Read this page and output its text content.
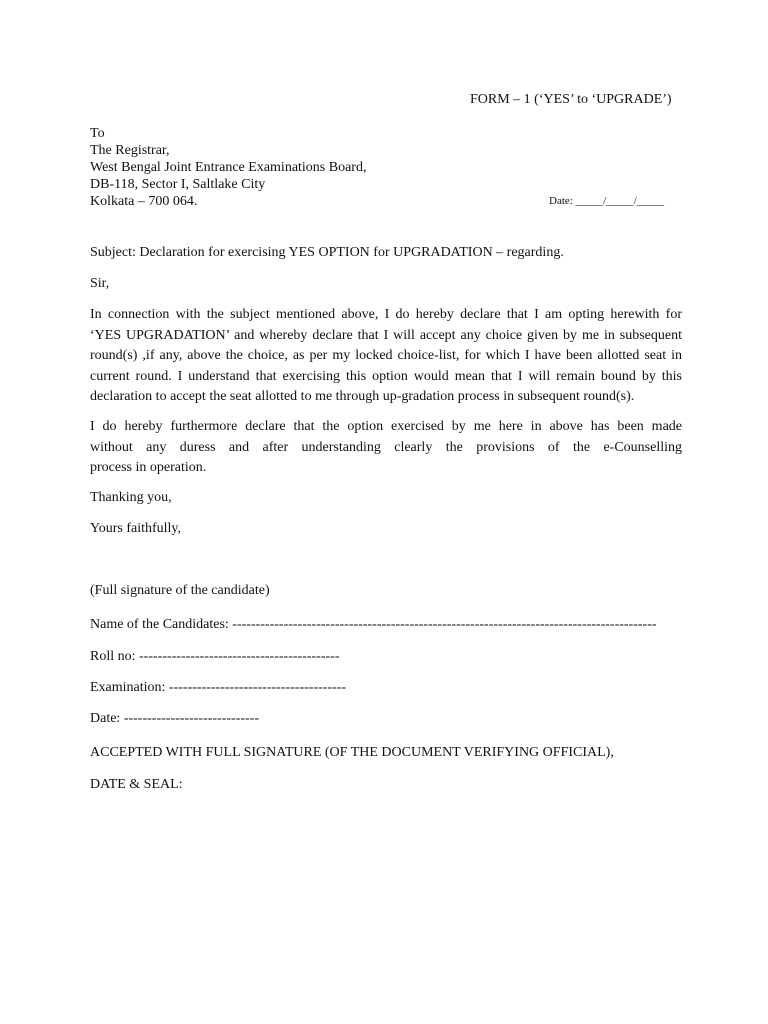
FORM – 1 (‘YES’ to ‘UPGRADE’)
To
The Registrar,
West Bengal Joint Entrance Examinations Board,
DB-118, Sector I, Saltlake City
Kolkata – 700 064.	Date: _____/_____/_____
Subject: Declaration for exercising YES OPTION for UPGRADATION – regarding.
Sir,
In connection with the subject mentioned above, I do hereby declare that I am opting herewith for
‘YES UPGRADATION’ and whereby declare that I will accept any choice given by me in subsequent
round(s) ,if any, above the choice, as per my locked choice-list, for which I have been allotted seat in
current round. I understand that exercising this option would mean that I will remain bound by this
declaration to accept the seat allotted to me through up-gradation process in subsequent round(s).
I do hereby furthermore declare that the option exercised by me here in above has been made
without any duress and after understanding clearly the provisions of the e-Counselling
process in operation.
Thanking you,
Yours faithfully,
(Full signature of the candidate)
Name of the Candidates: -------------------------------------------------------------------------------------------
Roll no: -------------------------------------------
Examination: --------------------------------------
Date: -----------------------------
ACCEPTED WITH FULL SIGNATURE (OF THE DOCUMENT VERIFYING OFFICIAL),
DATE & SEAL:
